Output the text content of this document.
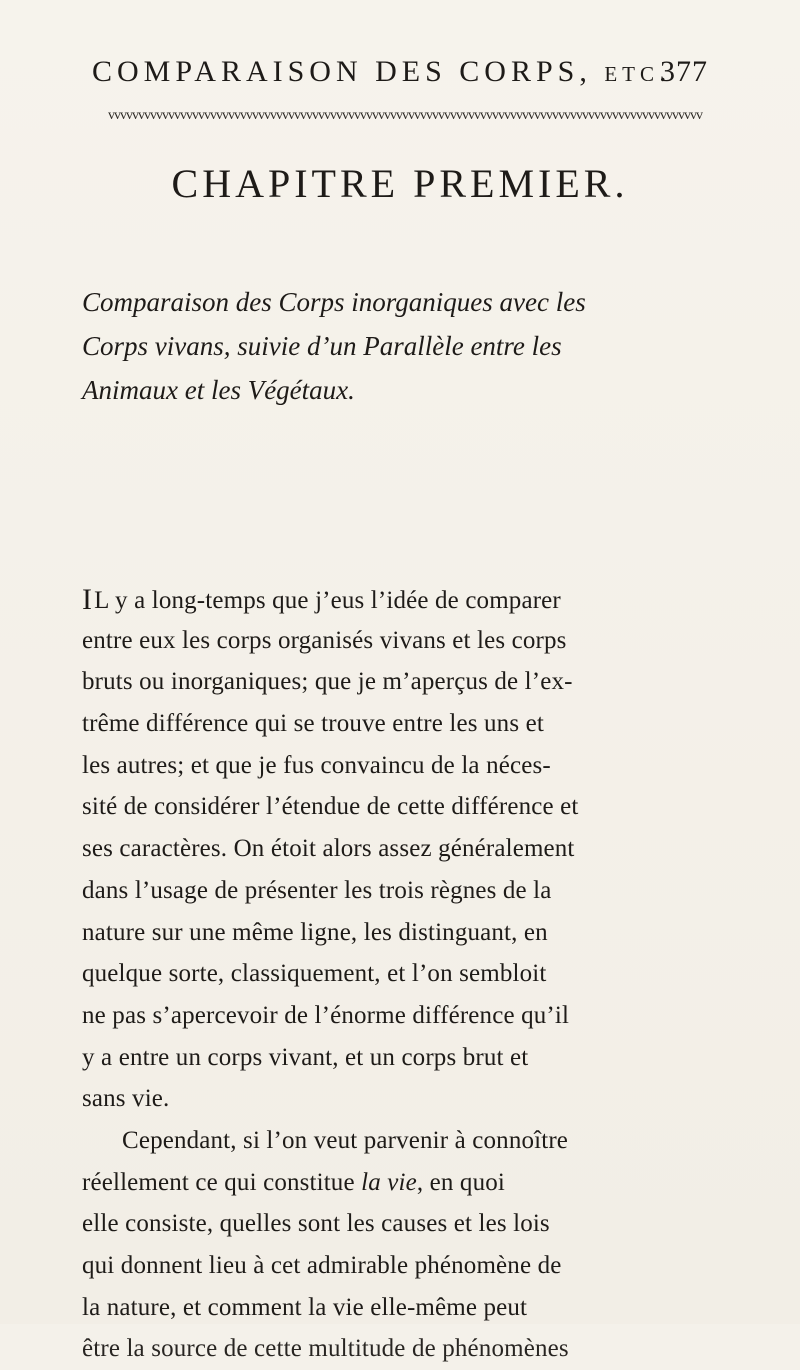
COMPARAISON DES CORPS, etc.
377
vvvvvvvvvvvvvvvvvvvvvvvvvvvvvvvvvvvvvvvvvvvvvvvvvvvvvvvvvvvvvvvvvvvvvvvvvvvvvvvvvvvvvvvvvvvvvvvvvvv
CHAPITRE PREMIER.
Comparaison des Corps inorganiques avec les
Corps vivans, suivie d’un Parallèle entre les
Animaux et les Végétaux.
IL y a long-temps que j’eus l’idée de comparer
entre eux les corps organisés vivans et les corps
bruts ou inorganiques; que je m’aperçus de l’ex-
trême différence qui se trouve entre les uns et
les autres; et que je fus convaincu de la néces-
sité de considérer l’étendue de cette différence et
ses caractères. On étoit alors assez généralement
dans l’usage de présenter les trois règnes de la
nature sur une même ligne, les distinguant, en
quelque sorte, classiquement, et l’on sembloit
ne pas s’apercevoir de l’énorme différence qu’il
y a entre un corps vivant, et un corps brut et
sans vie.
Cependant, si l’on veut parvenir à connoître
réellement ce qui constitue la vie, en quoi
elle consiste, quelles sont les causes et les lois
qui donnent lieu à cet admirable phénomène de
la nature, et comment la vie elle-même peut
être la source de cette multitude de phénomènes
